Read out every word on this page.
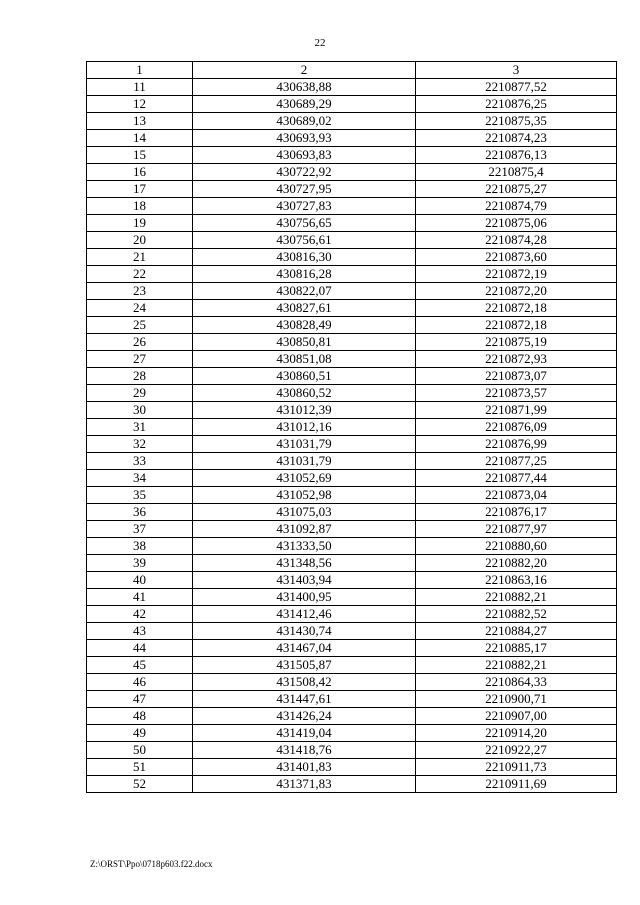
22
1	2	3
11	430638,88	2210877,52
12	430689,29	2210876,25
13	430689,02	2210875,35
14	430693,93	2210874,23
15	430693,83	2210876,13
16	430722,92	2210875,4
17	430727,95	2210875,27
18	430727,83	2210874,79
19	430756,65	2210875,06
20	430756,61	2210874,28
21	430816,30	2210873,60
22	430816,28	2210872,19
23	430822,07	2210872,20
24	430827,61	2210872,18
25	430828,49	2210872,18
26	430850,81	2210875,19
27	430851,08	2210872,93
28	430860,51	2210873,07
29	430860,52	2210873,57
30	431012,39	2210871,99
31	431012,16	2210876,09
32	431031,79	2210876,99
33	431031,79	2210877,25
34	431052,69	2210877,44
35	431052,98	2210873,04
36	431075,03	2210876,17
37	431092,87	2210877,97
38	431333,50	2210880,60
39	431348,56	2210882,20
40	431403,94	2210863,16
41	431400,95	2210882,21
42	431412,46	2210882,52
43	431430,74	2210884,27
44	431467,04	2210885,17
45	431505,87	2210882,21
46	431508,42	2210864,33
47	431447,61	2210900,71
48	431426,24	2210907,00
49	431419,04	2210914,20
50	431418,76	2210922,27
51	431401,83	2210911,73
52	431371,83	2210911,69
Z:\ORST\Ppo\0718p603.f22.docx
